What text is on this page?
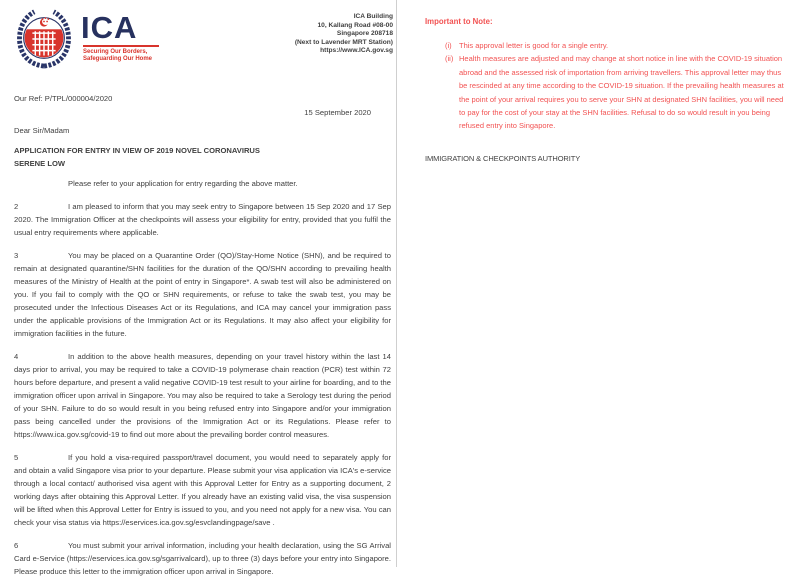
ICA
Securing Our Borders,
Safeguarding Our Home
ICA Building
10, Kallang Road #08-00
Singapore 208718
(Next to Lavender MRT Station)
https://www.ICA.gov.sg
Our Ref: P/TPL/000004/2020
15 September 2020
Dear Sir/Madam
APPLICATION FOR ENTRY IN VIEW OF 2019 NOVEL CORONAVIRUS
SERENE LOW
Please refer to your application for entry regarding the above matter.
2	I am pleased to inform that you may seek entry to Singapore between 15 Sep 2020 and 17 Sep 2020. The Immigration Officer at the checkpoints will assess your eligibility for entry, provided that you fulfil the usual entry requirements where applicable.
3	You may be placed on a Quarantine Order (QO)/Stay-Home Notice (SHN), and be required to remain at designated quarantine/SHN facilities for the duration of the QO/SHN according to prevailing health measures of the Ministry of Health at the point of entry in Singapore*. A swab test will also be administered on you. If you fail to comply with the QO or SHN requirements, or refuse to take the swab test, you may be prosecuted under the Infectious Diseases Act or its Regulations, and ICA may cancel your immigration pass under the applicable provisions of the Immigration Act or its Regulations. It may also affect your eligibility for immigration facilities in the future.
4	In addition to the above health measures, depending on your travel history within the last 14 days prior to arrival, you may be required to take a COVID-19 polymerase chain reaction (PCR) test within 72 hours before departure, and present a valid negative COVID-19 test result to your airline for boarding, and to the immigration officer upon arrival in Singapore. You may also be required to take a Serology test during the period of your SHN. Failure to do so would result in you being refused entry into Singapore and/or your immigration pass being cancelled under the provisions of the Immigration Act or its Regulations. Please refer to https://www.ica.gov.sg/covid-19 to find out more about the prevailing border control measures.
5	If you hold a visa-required passport/travel document, you would need to separately apply for and obtain a valid Singapore visa prior to your departure. Please submit your visa application via ICA's e-service through a local contact/ authorised visa agent with this Approval Letter for Entry as a supporting document, 2 working days after obtaining this Approval Letter. If you already have an existing valid visa, the visa suspension will be lifted when this Approval Letter for Entry is issued to you, and you need not apply for a new visa. You can check your visa status via https://eservices.ica.gov.sg/esvclandingpage/save .
6	You must submit your arrival information, including your health declaration, using the SG Arrival Card e-Service (https://eservices.ica.gov.sg/sgarrivalcard), up to three (3) days before your entry into Singapore. Please produce this letter to the immigration officer upon arrival in Singapore.
Important to Note:
(i) This approval letter is good for a single entry.
(ii) Health measures are adjusted and may change at short notice in line with the COVID-19 situation abroad and the assessed risk of importation from arriving travellers. This approval letter may thus be rescinded at any time according to the COVID-19 situation. If the prevailing health measures at the point of your arrival requires you to serve your SHN at designated SHN facilities, you will need to pay for the cost of your stay at the SHN facilities. Refusal to do so would result in you being refused entry into Singapore.
IMMIGRATION & CHECKPOINTS AUTHORITY
